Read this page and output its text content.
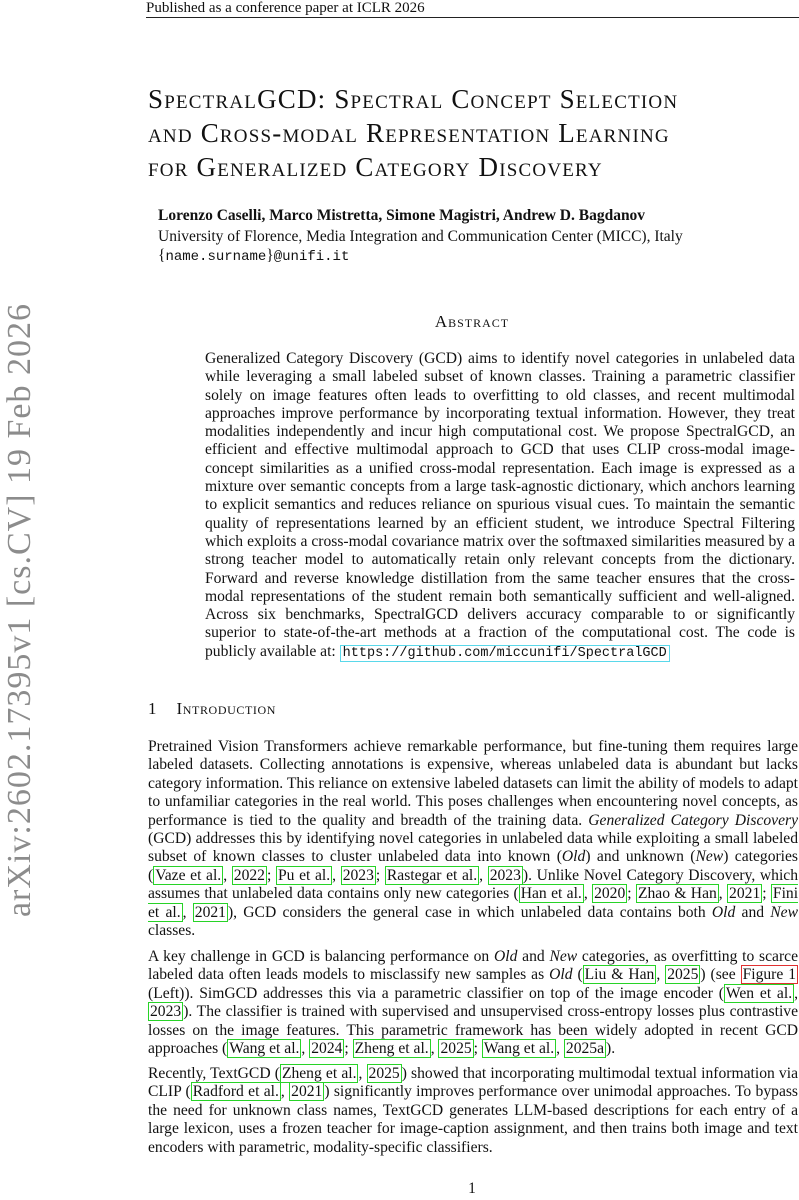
Published as a conference paper at ICLR 2026
arXiv:2602.17395v1 [cs.CV] 19 Feb 2026
SpectralGCD: Spectral Concept Selection
and Cross-modal Representation Learning
for Generalized Category Discovery
Lorenzo Caselli, Marco Mistretta, Simone Magistri, Andrew D. Bagdanov
University of Florence, Media Integration and Communication Center (MICC), Italy
{name.surname}@unifi.it
Abstract

Generalized Category Discovery (GCD) aims to identify novel categories in unlabeled data while leveraging a small labeled subset of known classes. Training a parametric classifier solely on image features often leads to overfitting to old classes, and recent multimodal approaches improve performance by incorporating textual information. However, they treat modalities independently and incur high computational cost. We propose SpectralGCD, an efficient and effective multimodal approach to GCD that uses CLIP cross-modal image-concept similarities as a unified cross-modal representation. Each image is expressed as a mixture over semantic concepts from a large task-agnostic dictionary, which anchors learning to explicit semantics and reduces reliance on spurious visual cues. To maintain the semantic quality of representations learned by an efficient student, we introduce Spectral Filtering which exploits a cross-modal covariance matrix over the softmaxed similarities measured by a strong teacher model to automatically retain only relevant concepts from the dictionary. Forward and reverse knowledge distillation from the same teacher ensures that the cross-modal representations of the student remain both semantically sufficient and well-aligned. Across six benchmarks, SpectralGCD delivers accuracy comparable to or significantly superior to state-of-the-art methods at a fraction of the computational cost. The code is publicly available at: https://github.com/miccunifi/SpectralGCD

1 Introduction

Pretrained Vision Transformers achieve remarkable performance, but fine-tuning them requires large labeled datasets. Collecting annotations is expensive, whereas unlabeled data is abundant but lacks category information. This reliance on extensive labeled datasets can limit the ability of models to adapt to unfamiliar categories in the real world. This poses challenges when encountering novel concepts, as performance is tied to the quality and breadth of the training data. Generalized Category Discovery (GCD) addresses this by identifying novel categories in unlabeled data while exploiting a small labeled subset of known classes to cluster unlabeled data into known (Old) and unknown (New) categories ( Vaze et al. , 2022 ; Pu et al. , 2023 ; Rastegar et al. , 2023 ). Unlike Novel Category Discovery, which assumes that unlabeled data contains only new categories ( Han et al. , 2020 ; Zhao & Han , 2021 ; Fini et al. , 2021 ), GCD considers the general case in which unlabeled data contains both Old and New classes.

A key challenge in GCD is balancing performance on Old and New categories, as overfitting to scarce labeled data often leads models to misclassify new samples as Old ( Liu & Han , 2025 ) (see Figure 1 (Left)). SimGCD addresses this via a parametric classifier on top of the image encoder ( Wen et al. , 2023 ). The classifier is trained with supervised and unsupervised cross-entropy losses plus contrastive losses on the image features. This parametric framework has been widely adopted in recent GCD approaches ( Wang et al. , 2024 ; Zheng et al. , 2025 ; Wang et al. , 2025a ).

Recently, TextGCD ( Zheng et al. , 2025 ) showed that incorporating multimodal textual information via CLIP ( Radford et al. , 2021 ) significantly improves performance over unimodal approaches. To bypass the need for unknown class names, TextGCD generates LLM-based descriptions for each entry of a large lexicon, uses a frozen teacher for image-caption assignment, and then trains both image and text encoders with parametric, modality-specific classifiers.

1
